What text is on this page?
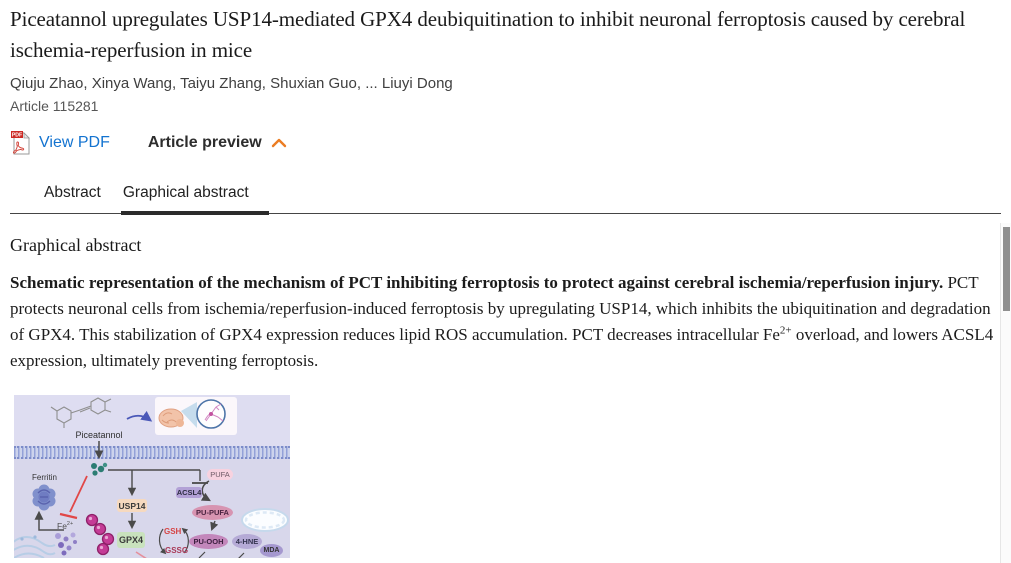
Piceatannol upregulates USP14-mediated GPX4 deubiquitination to inhibit neuronal ferroptosis caused by cerebral ischemia-reperfusion in mice
Qiuju Zhao, Xinya Wang, Taiyu Zhang, Shuxian Guo, ... Liuyi Dong
Article 115281
PDF View PDF Article preview
Abstract Graphical abstract
Graphical abstract

Schematic representation of the mechanism of PCT inhibiting ferroptosis to protect against cerebral ischemia/reperfusion injury. PCT protects neuronal cells from ischemia/reperfusion-induced ferroptosis by upregulating USP14, which inhibits the ubiquitination and degradation of GPX4. This stabilization of GPX4 expression reduces lipid ROS accumulation. PCT decreases intracellular $Fe^{2+}$ overload, and lowers ACSL4 expression, ultimately preventing ferroptosis.

Piceatannol
Ferritin
$Fe^{2+}$
GSH
GSSG
USP14
GPX4
ACSL4
PUFA
PU-PUFA
PU-OOH	4-HNE
MDA
